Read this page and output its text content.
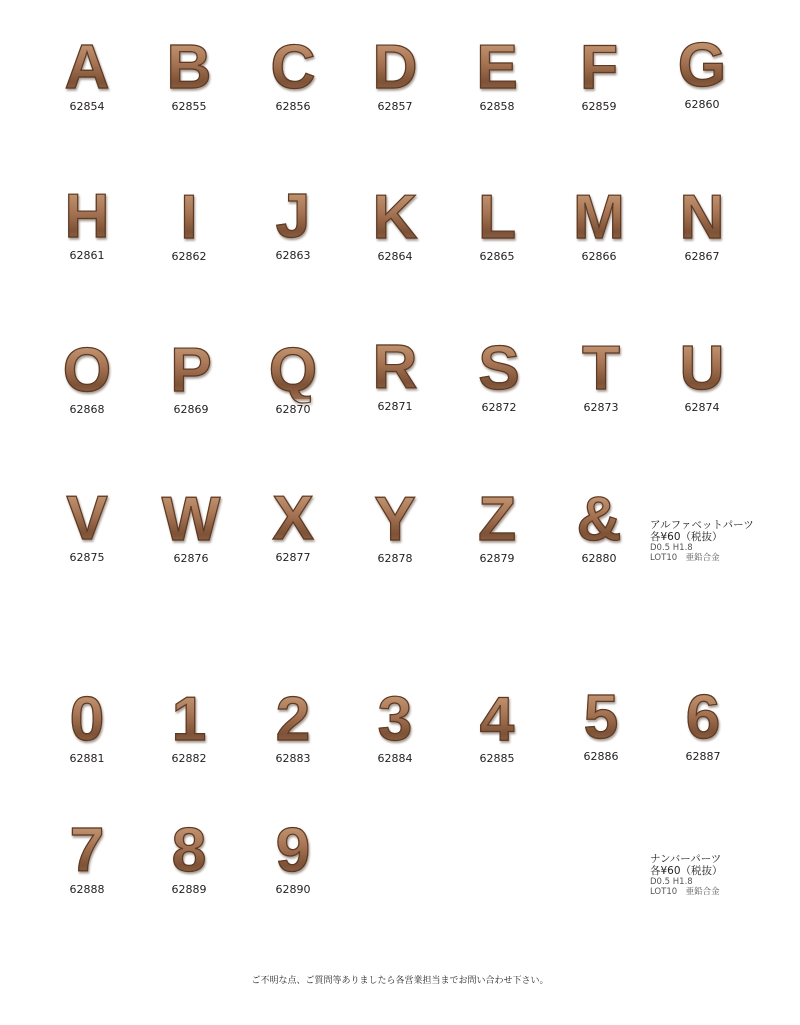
A
62854
B
62855
C
62856
D
62857
E
62858
F
62859
G
62860
H
62861
I
62862
J
62863
K
62864
L
62865
M
62866
N
62867
O
62868
P
62869
Q
62870
R
62871
S
62872
T
62873
U
62874
V
62875
W
62876
X
62877
Y
62878
Z
62879
&
62880
アルファベットパーツ
各¥60（税抜）
D0.5 H1.8
LOT10　亜鉛合金
0
62881
1
62882
2
62883
3
62884
4
62885
5
62886
6
62887
7
62888
8
62889
9
62890
ナンバーパーツ
各¥60（税抜）
D0.5 H1.8
LOT10　亜鉛合金
ご不明な点、ご質問等ありましたら各営業担当までお問い合わせ下さい。
